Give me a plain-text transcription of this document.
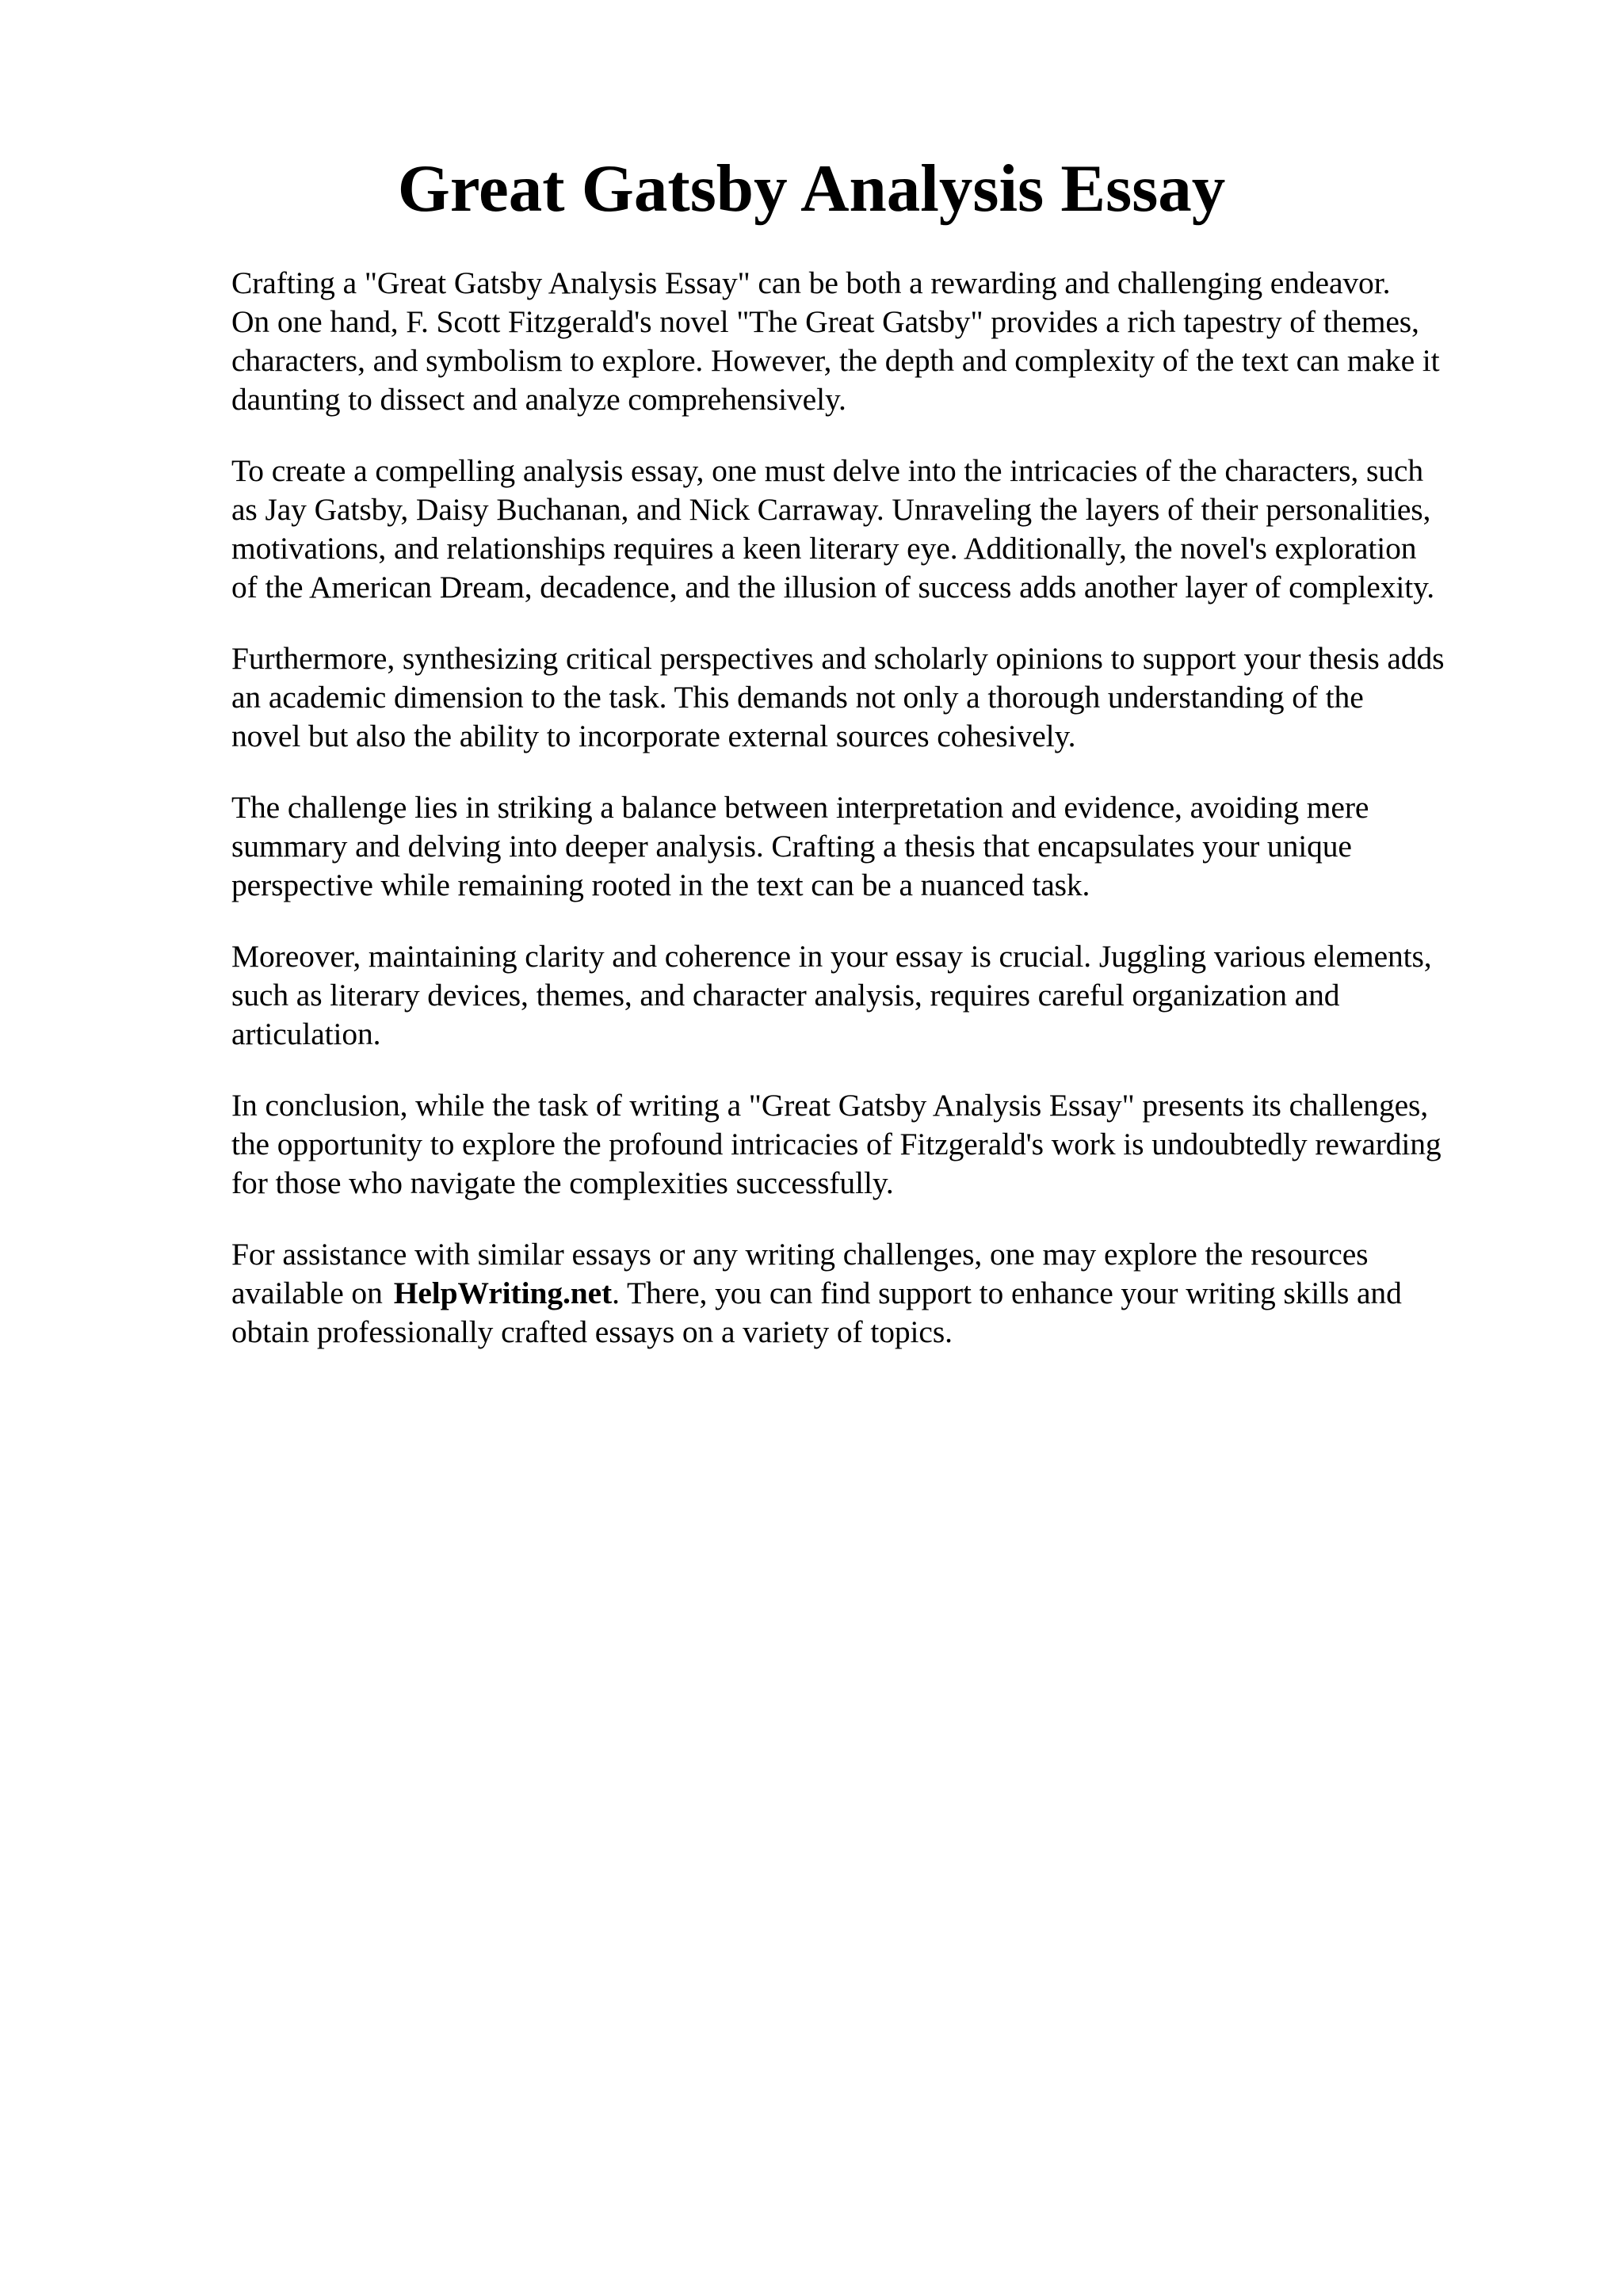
Great Gatsby Analysis Essay

Crafting a "Great Gatsby Analysis Essay" can be both a rewarding and challenging endeavor.
On one hand, F. Scott Fitzgerald's novel "The Great Gatsby" provides a rich tapestry of themes,
characters, and symbolism to explore. However, the depth and complexity of the text can make it
daunting to dissect and analyze comprehensively.

To create a compelling analysis essay, one must delve into the intricacies of the characters, such
as Jay Gatsby, Daisy Buchanan, and Nick Carraway. Unraveling the layers of their personalities,
motivations, and relationships requires a keen literary eye. Additionally, the novel's exploration
of the American Dream, decadence, and the illusion of success adds another layer of complexity.

Furthermore, synthesizing critical perspectives and scholarly opinions to support your thesis adds
an academic dimension to the task. This demands not only a thorough understanding of the
novel but also the ability to incorporate external sources cohesively.

The challenge lies in striking a balance between interpretation and evidence, avoiding mere
summary and delving into deeper analysis. Crafting a thesis that encapsulates your unique
perspective while remaining rooted in the text can be a nuanced task.

Moreover, maintaining clarity and coherence in your essay is crucial. Juggling various elements,
such as literary devices, themes, and character analysis, requires careful organization and
articulation.

In conclusion, while the task of writing a "Great Gatsby Analysis Essay" presents its challenges,
the opportunity to explore the profound intricacies of Fitzgerald's work is undoubtedly rewarding
for those who navigate the complexities successfully.

For assistance with similar essays or any writing challenges, one may explore the resources
available on HelpWriting.net. There, you can find support to enhance your writing skills and
obtain professionally crafted essays on a variety of topics.
